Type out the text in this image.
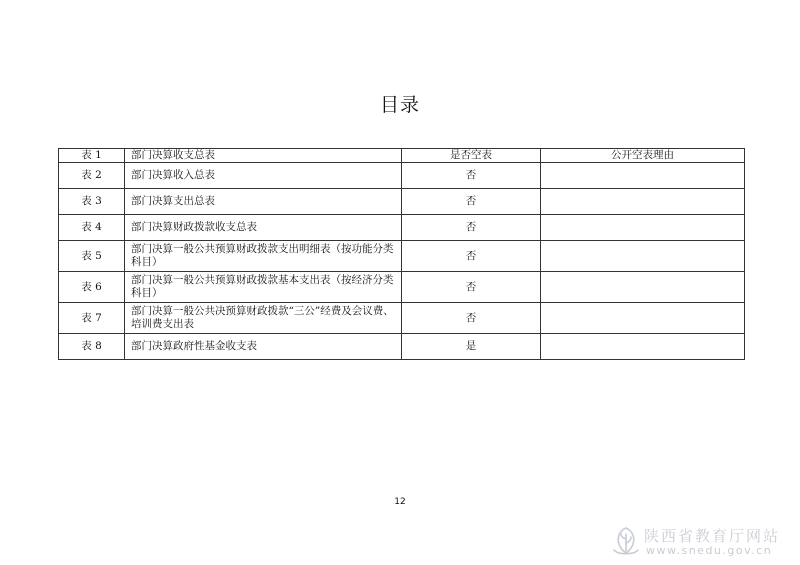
目录
表 1	部门决算收支总表	是否空表	公开空表理由
表 2	部门决算收入总表	否	
表 3	部门决算支出总表	否	
表 4	部门决算财政拨款收支总表	否	
表 5	部门决算一般公共预算财政拨款支出明细表（按功能分类科目）	否	
表 6	部门决算一般公共预算财政拨款基本支出表（按经济分类科目）	否	
表 7	部门决算一般公共决预算财政拨款“三公”经费及会议费、培训费支出表	否	
表 8	部门决算政府性基金收支表	是	
12
陕西省教育厅网站
www.snedu.gov.cn
